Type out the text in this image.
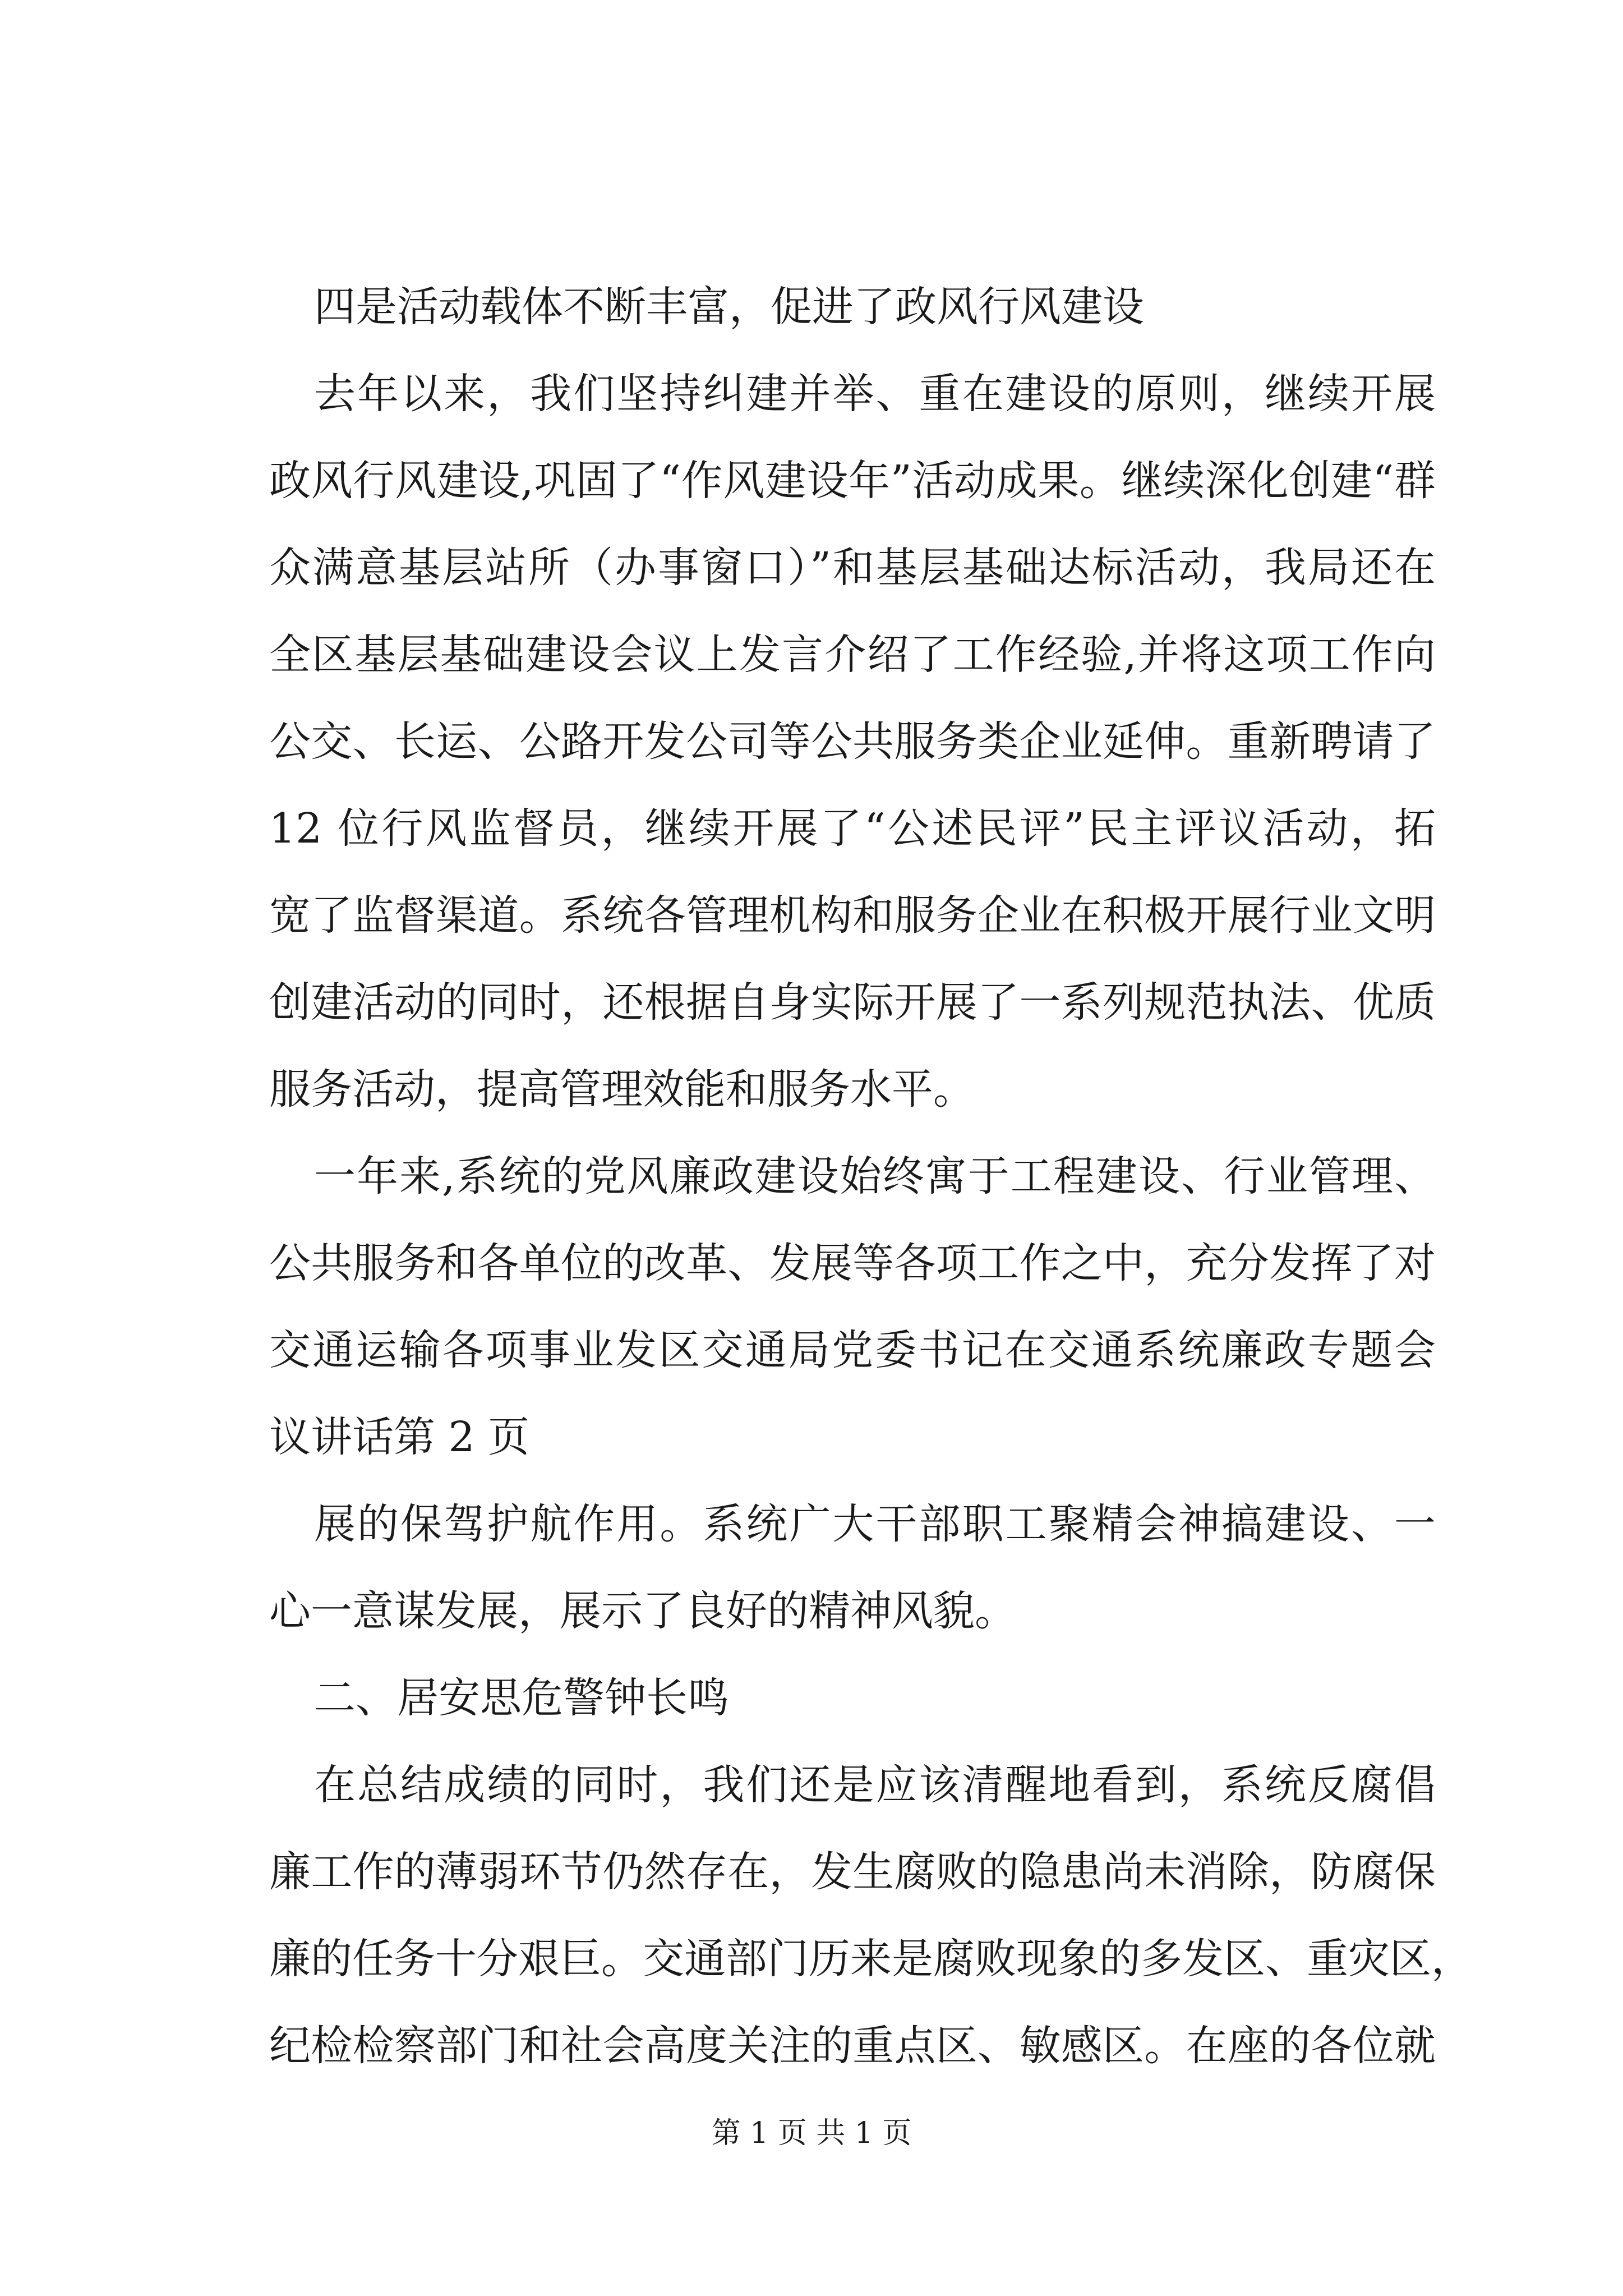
四是活动载体不断丰富，促进了政风行风建设
去年以来，我们坚持纠建并举、重在建设的原则，继续开展
政风行风建设,巩固了“作风建设年”活动成果。继续深化创建“群
众满意基层站所（办事窗口）”和基层基础达标活动，我局还在
全区基层基础建设会议上发言介绍了工作经验,并将这项工作向
公交、长运、公路开发公司等公共服务类企业延伸。重新聘请了
12 位行风监督员，继续开展了“公述民评”民主评议活动，拓
宽了监督渠道。系统各管理机构和服务企业在积极开展行业文明
创建活动的同时，还根据自身实际开展了一系列规范执法、优质
服务活动，提高管理效能和服务水平。
一年来,系统的党风廉政建设始终寓于工程建设、行业管理、
公共服务和各单位的改革、发展等各项工作之中，充分发挥了对
交通运输各项事业发区交通局党委书记在交通系统廉政专题会
议讲话第 2 页
展的保驾护航作用。系统广大干部职工聚精会神搞建设、一
心一意谋发展，展示了良好的精神风貌。
二、居安思危警钟长鸣
在总结成绩的同时，我们还是应该清醒地看到，系统反腐倡
廉工作的薄弱环节仍然存在，发生腐败的隐患尚未消除，防腐保
廉的任务十分艰巨。交通部门历来是腐败现象的多发区、重灾区，
纪检检察部门和社会高度关注的重点区、敏感区。在座的各位就
第 1 页 共 1 页
